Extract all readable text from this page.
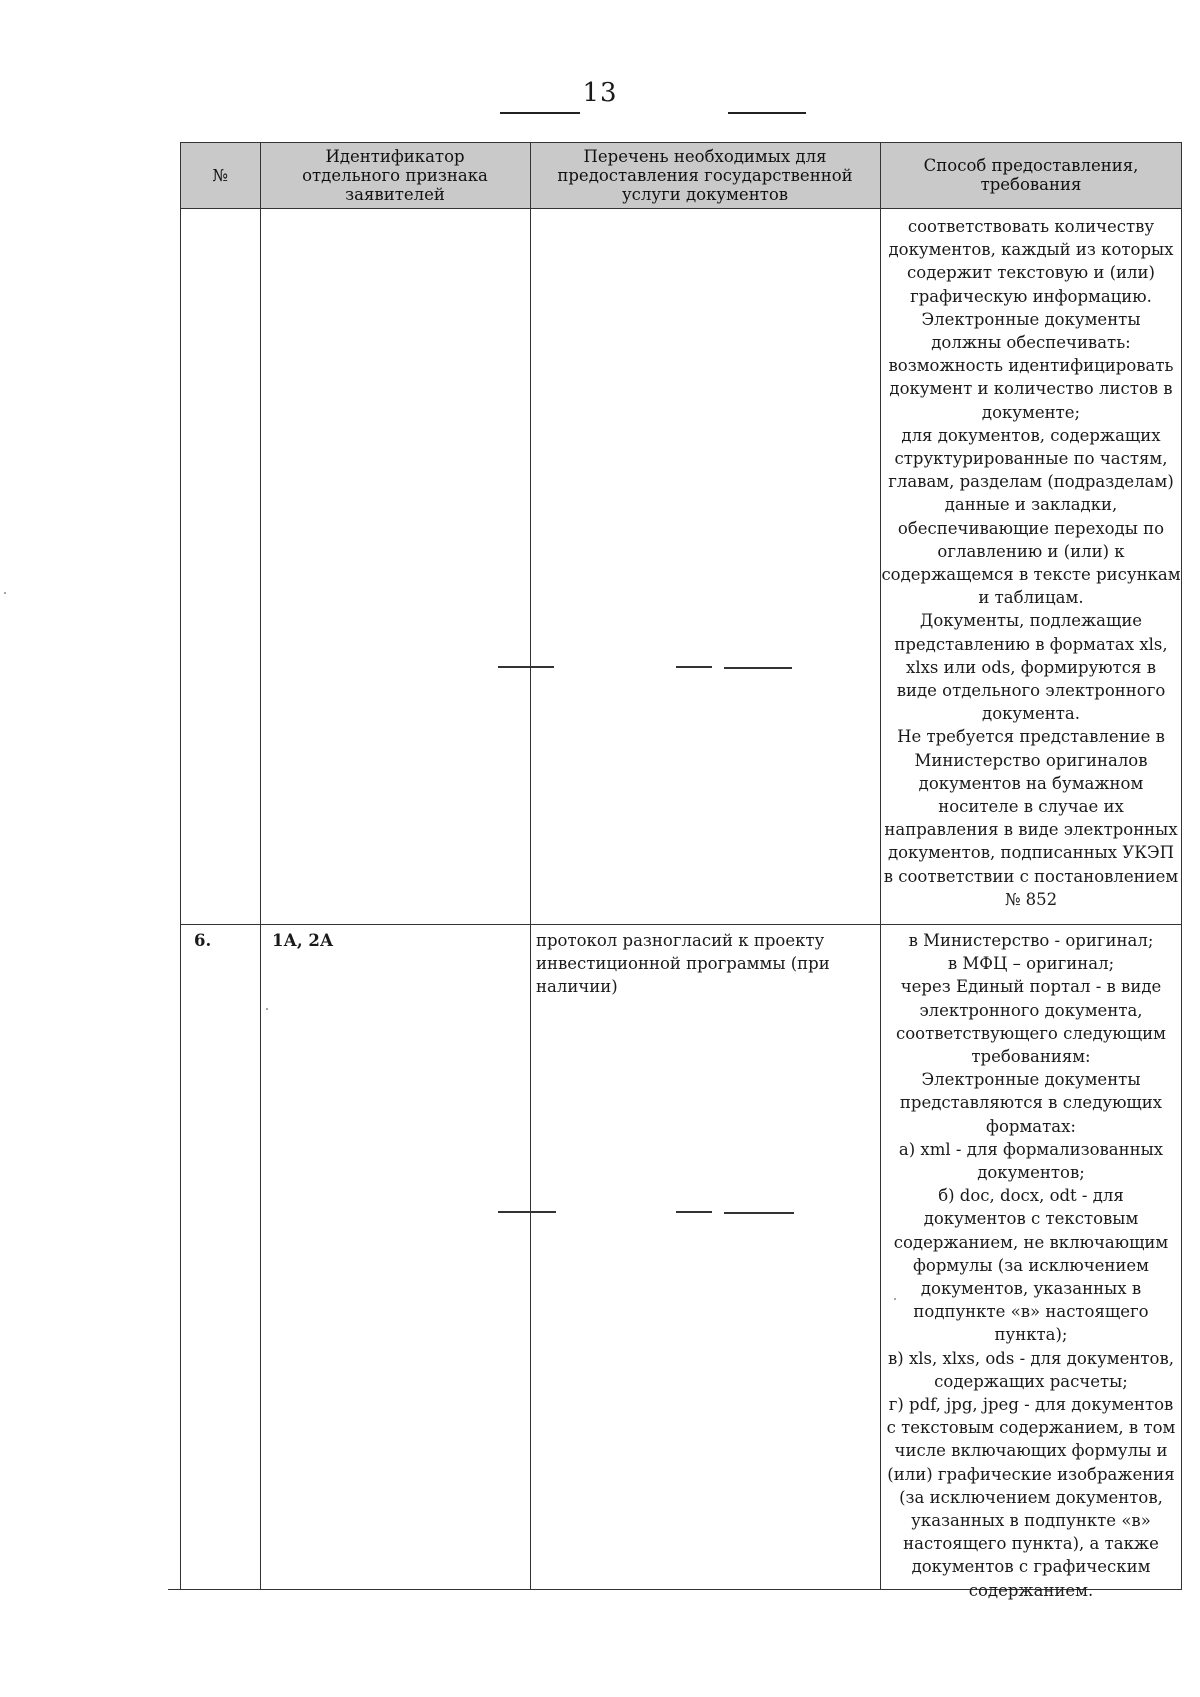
13
№
Идентификатор отдельного признака заявителей
Перечень необходимых для предоставления государственной услуги документов
Способ предоставления, требования
соответствовать количеству
документов, каждый из которых
содержит текстовую и (или)
графическую информацию.
Электронные документы
должны обеспечивать:
возможность идентифицировать
документ и количество листов в
документе;
для документов, содержащих
структурированные по частям,
главам, разделам (подразделам)
данные и закладки,
обеспечивающие переходы по
оглавлению и (или) к
содержащемся в тексте рисункам
и таблицам.
Документы, подлежащие
представлению в форматах xls,
xlxs или ods, формируются в
виде отдельного электронного
документа.
Не требуется представление в
Министерство оригиналов
документов на бумажном
носителе в случае их
направления в виде электронных
документов, подписанных УКЭП
в соответствии с постановлением
№ 852
6.	1А, 2А	протокол разногласий к проекту
инвестиционной программы (при
наличии)
в Министерство - оригинал;
в МФЦ – оригинал;
через Единый портал - в виде
электронного документа,
соответствующего следующим
требованиям:
Электронные документы
представляются в следующих
форматах:
а) xml - для формализованных
документов;
б) doc, docx, odt - для
документов с текстовым
содержанием, не включающим
формулы (за исключением
документов, указанных в
подпункте «в» настоящего
пункта);
в) xls, xlxs, ods - для документов,
содержащих расчеты;
г) pdf, jpg, jpeg - для документов
с текстовым содержанием, в том
числе включающих формулы и
(или) графические изображения
(за исключением документов,
указанных в подпункте «в»
настоящего пункта), а также
документов с графическим
содержанием.
